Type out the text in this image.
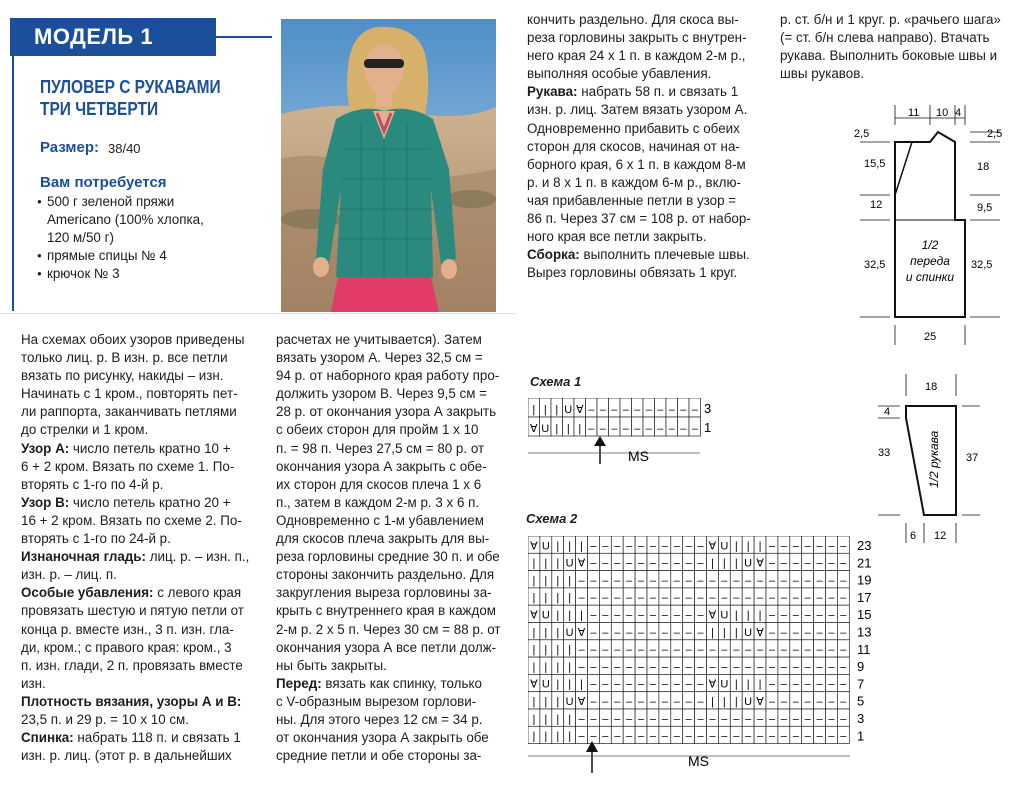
МОДЕЛЬ 1
ПУЛОВЕР С РУКАВАМИ
ТРИ ЧЕТВЕРТИ
Размер: 38/40
Вам потребуется
● 500 г зеленой пряжи
Americano (100% хлопка,
120 м/50 г)
● прямые спицы № 4
● крючок № 3

На схемах обоих узоров приведены

только лиц. р. В изн. р. все петли

вязать по рисунку, накиды – изн.

Начинать с 1 кром., повторять пет-

ли раппорта, заканчивать петлями

до стрелки и 1 кром.

Узор А: число петель кратно 10 +

6 + 2 кром. Вязать по схеме 1. По-

вторять с 1-го по 4-й р.

Узор В: число петель кратно 20 +

16 + 2 кром. Вязать по схеме 2. По-

вторять с 1-го по 24-й р.

Изнаночная гладь: лиц. р. – изн. п.,

изн. р. – лиц. п.

Особые убавления: с левого края

провязать шестую и пятую петли от

конца р. вместе изн., 3 п. изн. гла-

ди, кром.; с правого края: кром., 3

п. изн. глади, 2 п. провязать вместе

изн.

Плотность вязания, узоры А и В:

23,5 п. и 29 р. = 10 х 10 см.

Спинка: набрать 118 п. и связать 1

изн. р. лиц. (этот р. в дальнейших

расчетах не учитывается). Затем

вязать узором А. Через 32,5 см =

94 р. от наборного края работу про-

должить узором В. Через 9,5 см =

28 р. от окончания узора А закрыть

с обеих сторон для пройм 1 х 10

п. = 98 п. Через 27,5 см = 80 р. от

окончания узора А закрыть с обе-

их сторон для скосов плеча 1 х 6

п., затем в каждом 2-м р. 3 х 6 п.

Одновременно с 1-м убавлением

для скосов плеча закрыть для вы-

реза горловины средние 30 п. и обе

стороны закончить раздельно. Для

закругления выреза горловины за-

крыть с внутреннего края в каждом

2-м р. 2 х 5 п. Через 30 см = 88 р. от

окончания узора А все петли долж-

ны быть закрыты.

Перед: вязать как спинку, только

с V-образным вырезом горлови-

ны. Для этого через 12 см = 34 р.

от окончания узора А закрыть обе

средние петли и обе стороны за-

кончить раздельно. Для скоса вы-

реза горловины закрыть с внутрен-

него края 24 х 1 п. в каждом 2-м р.,

выполняя особые убавления.

Рукава: набрать 58 п. и связать 1

изн. р. лиц. Затем вязать узором А.

Одновременно прибавить с обеих

сторон для скосов, начиная от на-

борного края, 6 х 1 п. в каждом 8-м

р. и 8 х 1 п. в каждом 6-м р., вклю-

чая прибавленные петли в узор =

86 п. Через 37 см = 108 р. от набор-

ного края все петли закрыть.

Сборка: выполнить плечевые швы.

Вырез горловины обвязать 1 круг.

р. ст. б/н и 1 круг. р. «рачьего шага»

(= ст. б/н слева направо). Втачать

рукава. Выполнить боковые швы и

швы рукавов.

Схема 1
| | | U ∀ – – – – – – – – – –
∀ U | | | – – – – – – – – – –
3
1
MS
Схема 2
∀ U | | | – – – – – – – – – – ∀ U | | | – – – – – – –
| | | U ∀ – – – – – – – – – – | | | U ∀ – – – – – – –
| | | | – – – – – – – – – – – – – – – – – – – – – – –
| | | | – – – – – – – – – – – – – – – – – – – – – – –
∀ U | | | – – – – – – – – – – ∀ U | | | – – – – – – –
| | | U ∀ – – – – – – – – – – | | | U ∀ – – – – – – –
| | | | – – – – – – – – – – – – – – – – – – – – – – –
| | | | – – – – – – – – – – – – – – – – – – – – – – –
∀ U | | | – – – – – – – – – – ∀ U | | | – – – – – – –
| | | U ∀ – – – – – – – – – – | | | U ∀ – – – – – – –
| | | | – – – – – – – – – – – – – – – – – – – – – – –
| | | | – – – – – – – – – – – – – – – – – – – – – – –
23
21
19
17
15
13
11
9
7
5
3
1
MS
11 10 4
2,5
15,5
12
32,5
2,5
18
9,5
32,5
25
1/2
переда
и спинки
18
4
33	37
6 12
1/2 рукава
